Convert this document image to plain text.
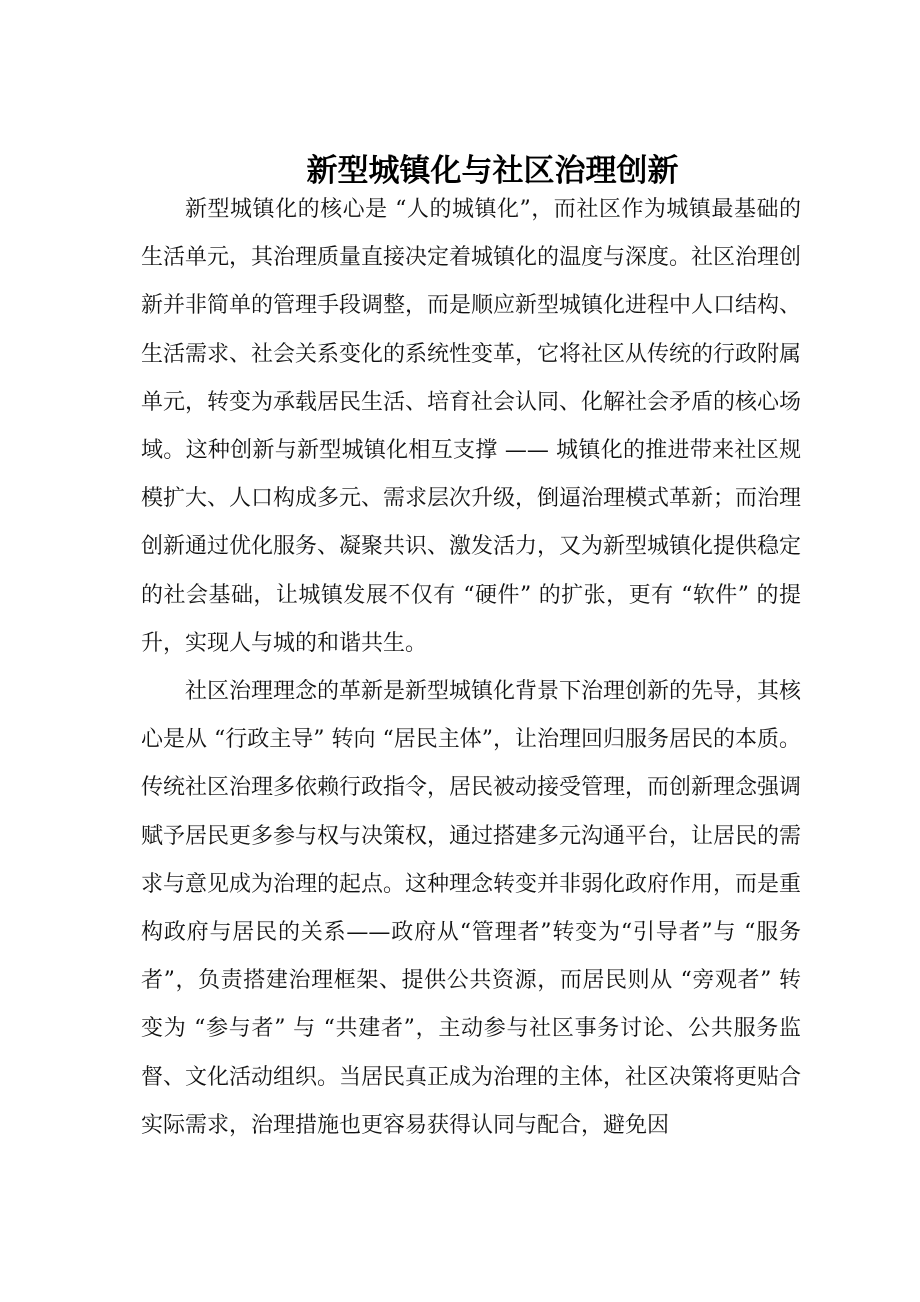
新型城镇化与社区治理创新

新型城镇化的核心是 “人的城镇化”，而社区作为城镇最基础的生活单元，其治理质量直接决定着城镇化的温度与深度。社区治理创新并非简单的管理手段调整，而是顺应新型城镇化进程中人口结构、生活需求、社会关系变化的系统性变革，它将社区从传统的行政附属单元，转变为承载居民生活、培育社会认同、化解社会矛盾的核心场域。这种创新与新型城镇化相互支撑 —— 城镇化的推进带来社区规模扩大、人口构成多元、需求层次升级，倒逼治理模式革新；而治理创新通过优化服务、凝聚共识、激发活力，又为新型城镇化提供稳定的社会基础，让城镇发展不仅有 “硬件” 的扩张，更有 “软件” 的提升，实现人与城的和谐共生。

社区治理理念的革新是新型城镇化背景下治理创新的先导，其核心是从 “行政主导” 转向 “居民主体”，让治理回归服务居民的本质。传统社区治理多依赖行政指令，居民被动接受管理，而创新理念强调赋予居民更多参与权与决策权，通过搭建多元沟通平台，让居民的需求与意见成为治理的起点。这种理念转变并非弱化政府作用，而是重构政府与居民的关系——政府从“管理者”转变为“引导者”与 “服务者”，负责搭建治理框架、提供公共资源，而居民则从 “旁观者” 转变为 “参与者” 与 “共建者”，主动参与社区事务讨论、公共服务监督、文化活动组织。当居民真正成为治理的主体，社区决策将更贴合实际需求，治理措施也更容易获得认同与配合，避免因
